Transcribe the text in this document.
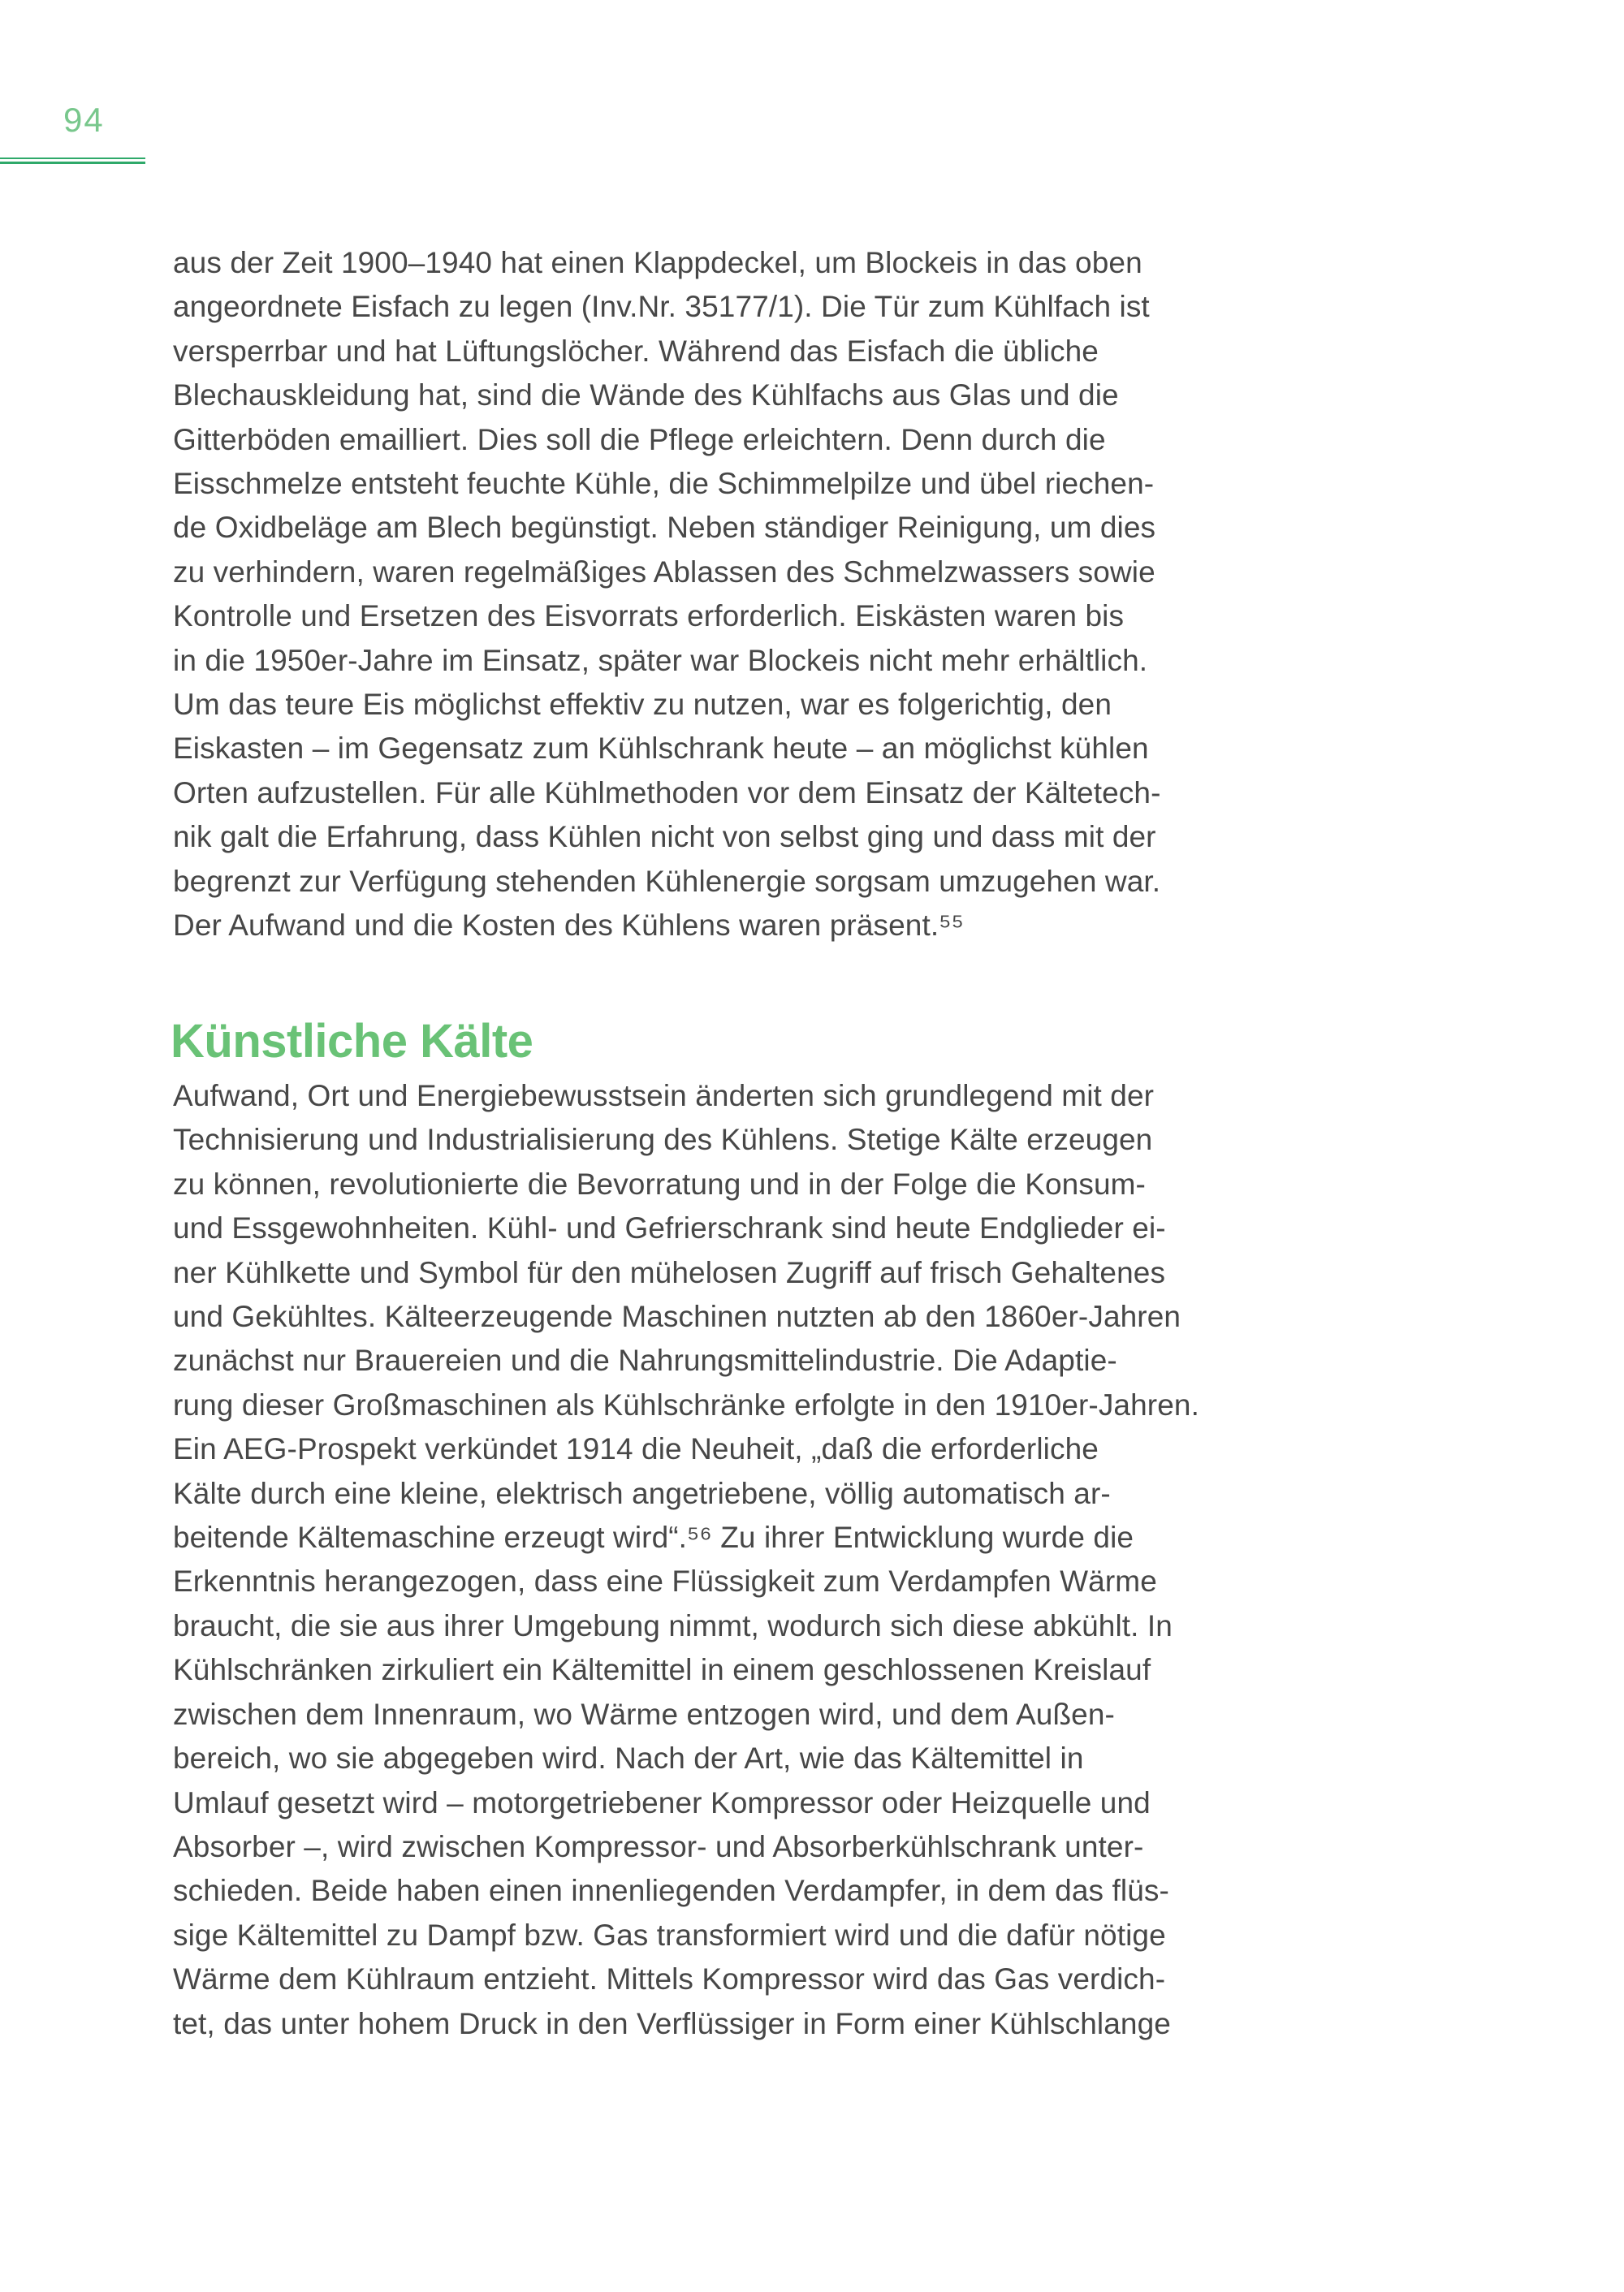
94
aus der Zeit 1900–1940 hat einen Klappdeckel, um Blockeis in das oben
angeordnete Eisfach zu legen (Inv.Nr. 35177/1). Die Tür zum Kühlfach ist
versperrbar und hat Lüftungslöcher. Während das Eisfach die übliche
Blechauskleidung hat, sind die Wände des Kühlfachs aus Glas und die
Gitterböden emailliert. Dies soll die Pflege erleichtern. Denn durch die
Eisschmelze entsteht feuchte Kühle, die Schimmelpilze und übel riechen-
de Oxidbeläge am Blech begünstigt. Neben ständiger Reinigung, um dies
zu verhindern, waren regelmäßiges Ablassen des Schmelzwassers sowie
Kontrolle und Ersetzen des Eisvorrats erforderlich. Eiskästen waren bis
in die 1950er-Jahre im Einsatz, später war Blockeis nicht mehr erhältlich.
Um das teure Eis möglichst effektiv zu nutzen, war es folgerichtig, den
Eiskasten – im Gegensatz zum Kühlschrank heute – an möglichst kühlen
Orten aufzustellen. Für alle Kühlmethoden vor dem Einsatz der Kältetech-
nik galt die Erfahrung, dass Kühlen nicht von selbst ging und dass mit der
begrenzt zur Verfügung stehenden Kühlenergie sorgsam umzugehen war.
Der Aufwand und die Kosten des Kühlens waren präsent.⁵⁵
Künstliche Kälte
Aufwand, Ort und Energiebewusstsein änderten sich grundlegend mit der
Technisierung und Industrialisierung des Kühlens. Stetige Kälte erzeugen
zu können, revolutionierte die Bevorratung und in der Folge die Konsum-
und Essgewohnheiten. Kühl- und Gefrierschrank sind heute Endglieder ei-
ner Kühlkette und Symbol für den mühelosen Zugriff auf frisch Gehaltenes
und Gekühltes. Kälteerzeugende Maschinen nutzten ab den 1860er-Jahren
zunächst nur Brauereien und die Nahrungsmittelindustrie. Die Adaptie-
rung dieser Großmaschinen als Kühlschränke erfolgte in den 1910er-Jahren.
Ein AEG-Prospekt verkündet 1914 die Neuheit, „daß die erforderliche
Kälte durch eine kleine, elektrisch angetriebene, völlig automatisch ar-
beitende Kältemaschine erzeugt wird“.⁵⁶ Zu ihrer Entwicklung wurde die
Erkenntnis herangezogen, dass eine Flüssigkeit zum Verdampfen Wärme
braucht, die sie aus ihrer Umgebung nimmt, wodurch sich diese abkühlt. In
Kühlschränken zirkuliert ein Kältemittel in einem geschlossenen Kreislauf
zwischen dem Innenraum, wo Wärme entzogen wird, und dem Außen-
bereich, wo sie abgegeben wird. Nach der Art, wie das Kältemittel in
Umlauf gesetzt wird – motorgetriebener Kompressor oder Heizquelle und
Absorber –, wird zwischen Kompressor- und Absorberkühlschrank unter-
schieden. Beide haben einen innenliegenden Verdampfer, in dem das flüs-
sige Kältemittel zu Dampf bzw. Gas transformiert wird und die dafür nötige
Wärme dem Kühlraum entzieht. Mittels Kompressor wird das Gas verdich-
tet, das unter hohem Druck in den Verflüssiger in Form einer Kühlschlange
